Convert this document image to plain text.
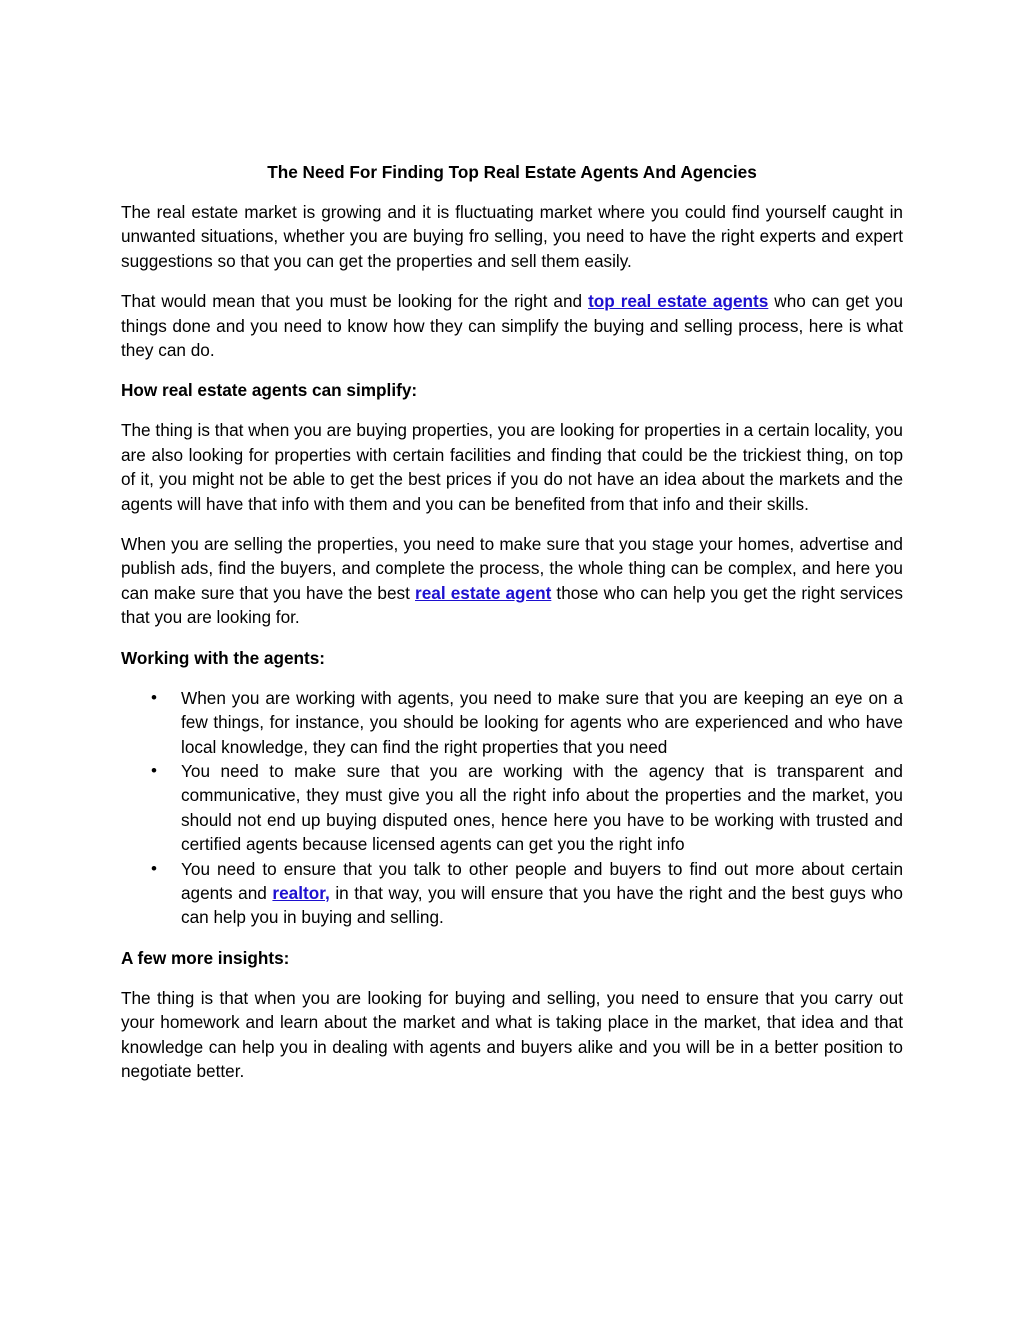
The Need For Finding Top Real Estate Agents And Agencies

The real estate market is growing and it is fluctuating market where you could find yourself caught in unwanted situations, whether you are buying fro selling, you need to have the right experts and expert suggestions so that you can get the properties and sell them easily.

That would mean that you must be looking for the right and top real estate agents who can get you things done and you need to know how they can simplify the buying and selling process, here is what they can do.

How real estate agents can simplify:

The thing is that when you are buying properties, you are looking for properties in a certain locality, you are also looking for properties with certain facilities and finding that could be the trickiest thing, on top of it, you might not be able to get the best prices if you do not have an idea about the markets and the agents will have that info with them and you can be benefited from that info and their skills.

When you are selling the properties, you need to make sure that you stage your homes, advertise and publish ads, find the buyers, and complete the process, the whole thing can be complex, and here you can make sure that you have the best real estate agent those who can help you get the right services that you are looking for.

Working with the agents:
• When you are working with agents, you need to make sure that you are keeping an eye on a few things, for instance, you should be looking for agents who are experienced and who have local knowledge, they can find the right properties that you need
• You need to make sure that you are working with the agency that is transparent and communicative, they must give you all the right info about the properties and the market, you should not end up buying disputed ones, hence here you have to be working with trusted and certified agents because licensed agents can get you the right info
• You need to ensure that you talk to other people and buyers to find out more about certain agents and realtor, in that way, you will ensure that you have the right and the best guys who can help you in buying and selling.
A few more insights:

The thing is that when you are looking for buying and selling, you need to ensure that you carry out your homework and learn about the market and what is taking place in the market, that idea and that knowledge can help you in dealing with agents and buyers alike and you will be in a better position to negotiate better.
